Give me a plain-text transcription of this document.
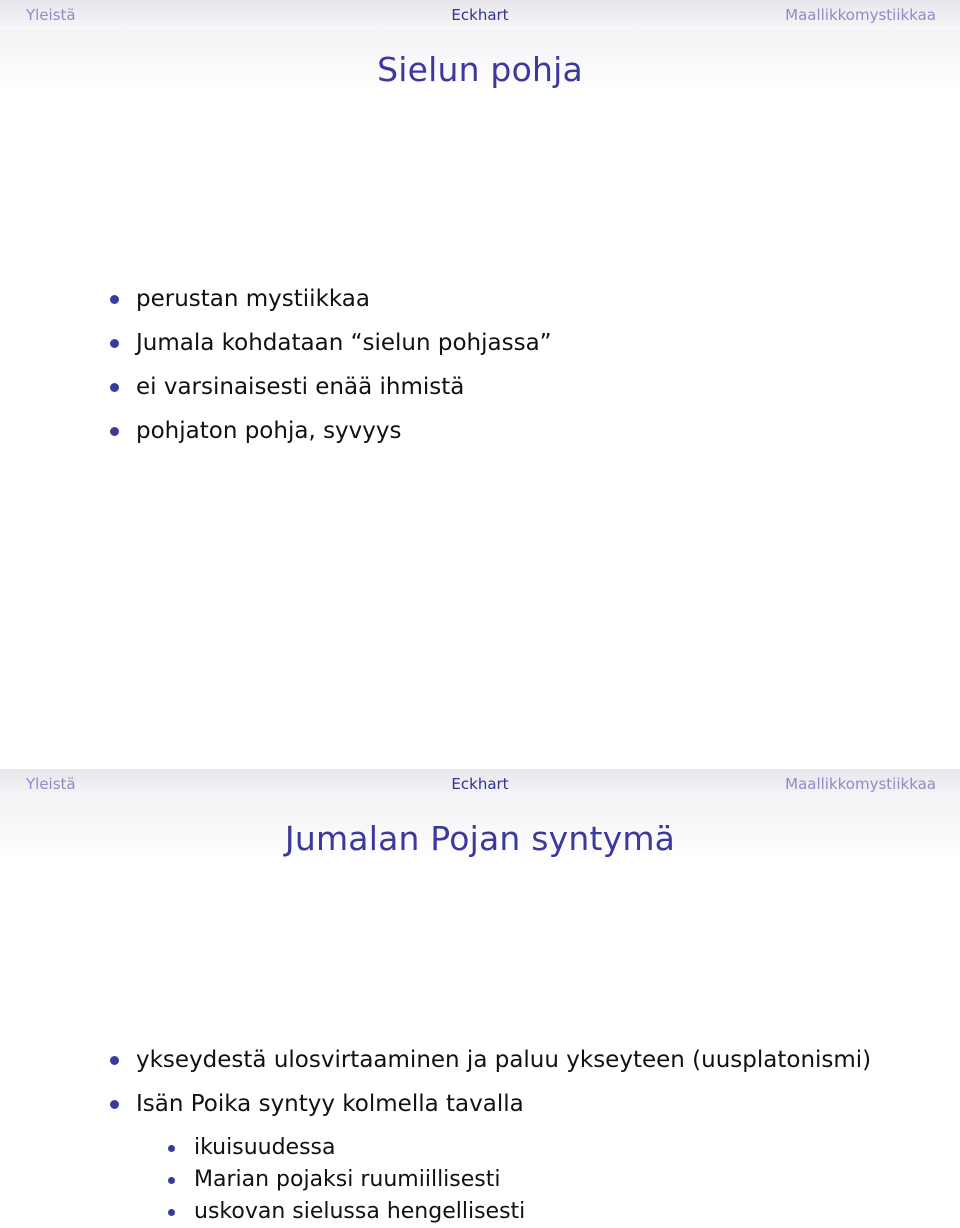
Yleistä	Eckhart	Maallikkomystiikkaa
Sielun pohja
perustan mystiikkaa
Jumala kohdataan “sielun pohjassa”
ei varsinaisesti enää ihmistä
pohjaton pohja, syvyys
Yleistä	Eckhart	Maallikkomystiikkaa
Jumalan Pojan syntymä
ykseydestä ulosvirtaaminen ja paluu ykseyteen (uusplatonismi)
Isän Poika syntyy kolmella tavalla
ikuisuudessa
Marian pojaksi ruumiillisesti
uskovan sielussa hengellisesti
